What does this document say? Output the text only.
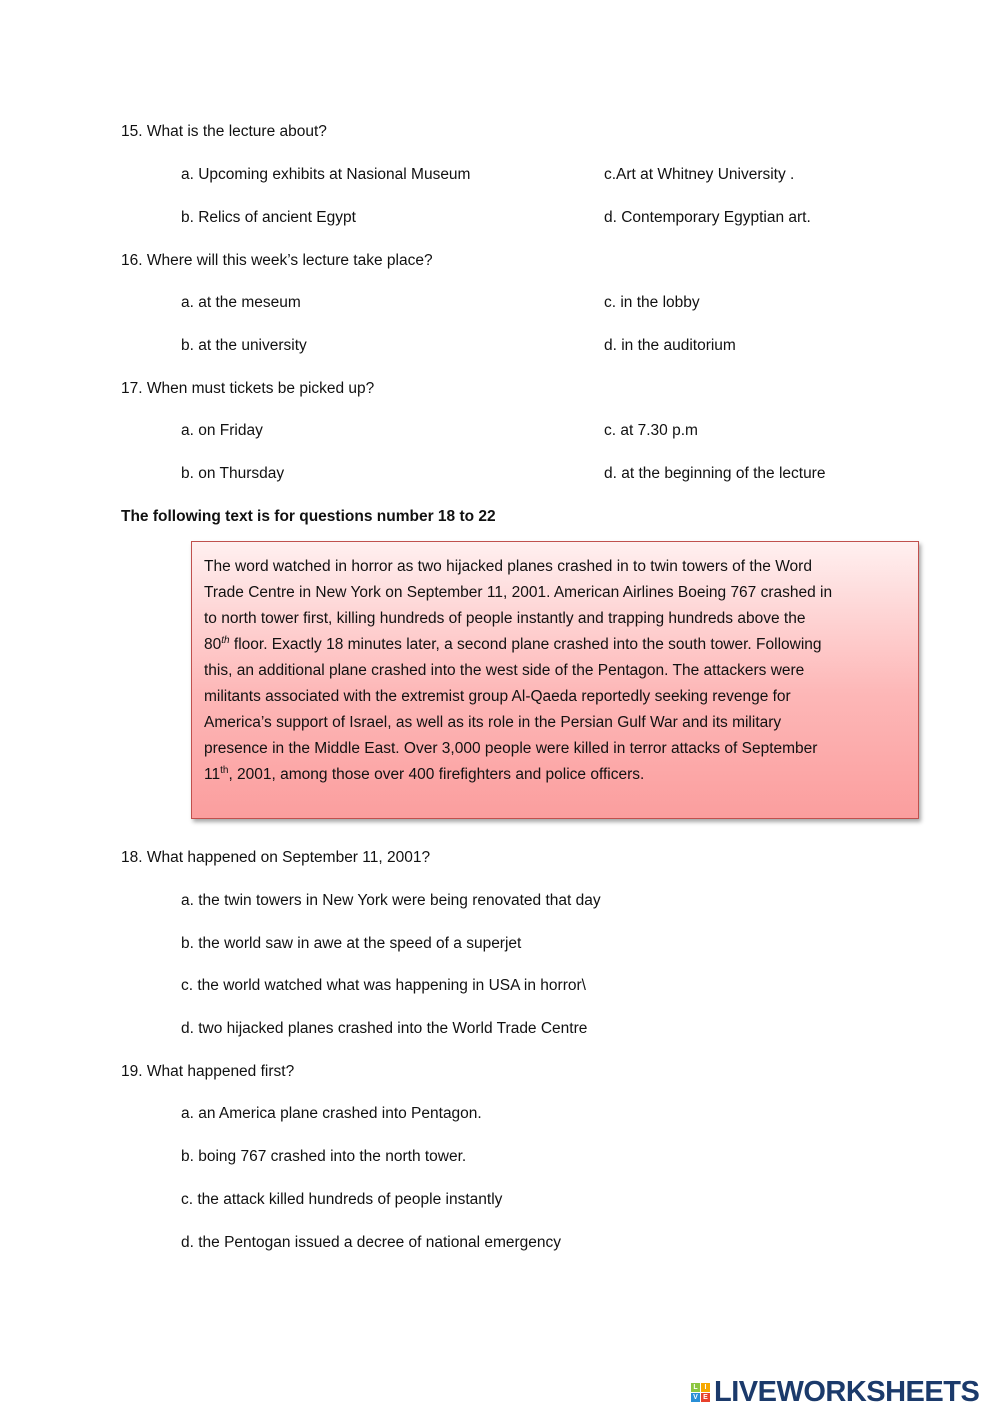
15. What is the lecture about?
a. Upcoming exhibits at Nasional Museum	c.Art at Whitney University .
b. Relics of ancient Egypt	d. Contemporary Egyptian art.
16. Where will this week’s lecture take place?
a. at the meseum	c. in the lobby
b. at the university	d. in the auditorium
17. When must tickets be picked up?
a. on Friday	c. at 7.30 p.m
b. on Thursday	d. at the beginning of the lecture
The following text is for questions number 18 to 22
The word watched in horror as two hijacked planes crashed in to twin towers of the Word
Trade Centre in New York on September 11, 2001. American Airlines Boeing 767 crashed in
to north tower first, killing hundreds of people instantly and trapping hundreds above the
80th floor. Exactly 18 minutes later, a second plane crashed into the south tower. Following
this, an additional plane crashed into the west side of the Pentagon. The attackers were
militants associated with the extremist group Al-Qaeda reportedly seeking revenge for
America’s support of Israel, as well as its role in the Persian Gulf War and its military
presence in the Middle East. Over 3,000 people were killed in terror attacks of September
11th, 2001, among those over 400 firefighters and police officers.
18. What happened on September 11, 2001?
a. the twin towers in New York were being renovated that day
b. the world saw in awe at the speed of a superjet
c. the world watched what was happening in USA in horror\
d. two hijacked planes crashed into the World Trade Centre
19. What happened first?
a. an America plane crashed into Pentagon.
b. boing 767 crashed into the north tower.
c. the attack killed hundreds of people instantly
d. the Pentogan issued a decree of national emergency
L I
V E LIVEWORKSHEETS
